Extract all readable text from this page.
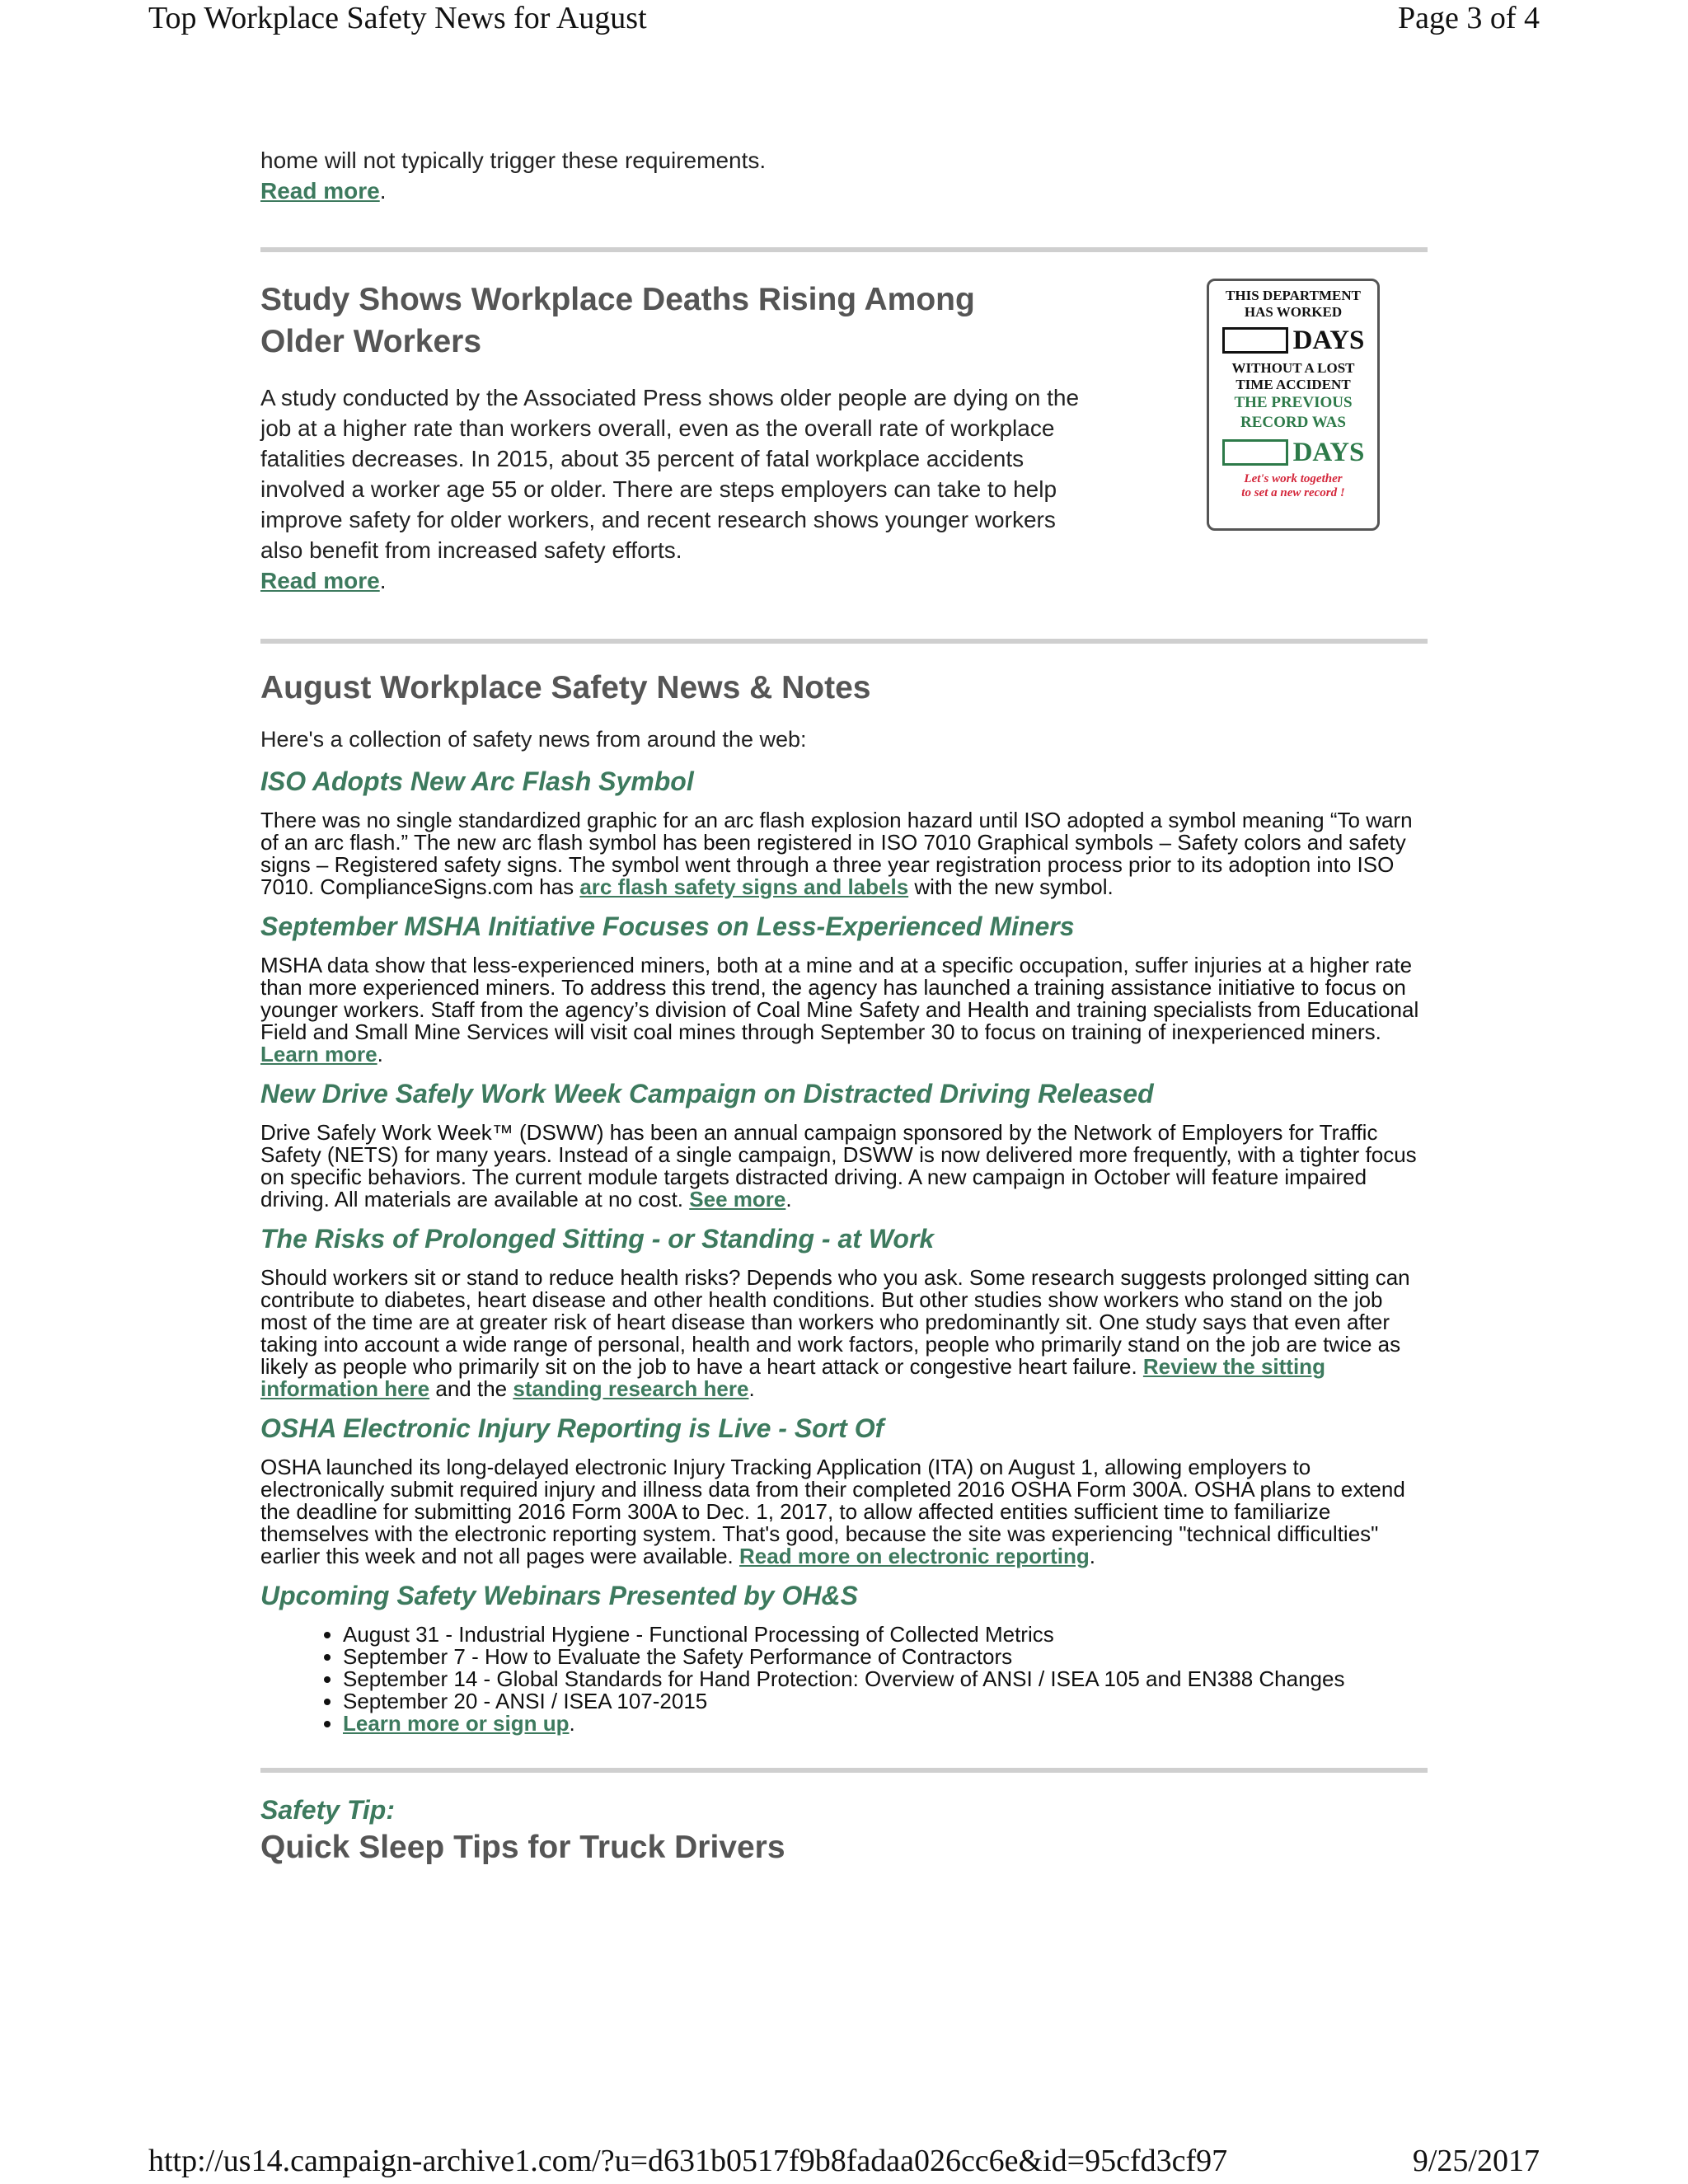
Top Workplace Safety News for August	Page 3 of 4

home will not typically trigger these requirements.
Read more.

Study Shows Workplace Deaths Rising Among
Older Workers

A study conducted by the Associated Press shows older people are dying on the job at a higher rate than workers overall, even as the overall rate of workplace fatalities decreases. In 2015, about 35 percent of fatal workplace accidents involved a worker age 55 or older. There are steps employers can take to help improve safety for older workers, and recent research shows younger workers also benefit from increased safety efforts.
Read more.

THIS DEPARTMENT
HAS WORKED
DAYS
WITHOUT A LOST
TIME ACCIDENT
THE PREVIOUS
RECORD WAS
DAYS
Let's work together
to set a new record !
August Workplace Safety News & Notes

Here's a collection of safety news from around the web:

ISO Adopts New Arc Flash Symbol

There was no single standardized graphic for an arc flash explosion hazard until ISO adopted a symbol meaning “To warn of an arc flash.” The new arc flash symbol has been registered in ISO 7010 Graphical symbols – Safety colors and safety signs – Registered safety signs. The symbol went through a three year registration process prior to its adoption into ISO 7010. ComplianceSigns.com has arc flash safety signs and labels with the new symbol.

September MSHA Initiative Focuses on Less-Experienced Miners

MSHA data show that less-experienced miners, both at a mine and at a specific occupation, suffer injuries at a higher rate than more experienced miners. To address this trend, the agency has launched a training assistance initiative to focus on younger workers. Staff from the agency’s division of Coal Mine Safety and Health and training specialists from Educational Field and Small Mine Services will visit coal mines through September 30 to focus on training of inexperienced miners. Learn more.

New Drive Safely Work Week Campaign on Distracted Driving Released

Drive Safely Work Week™ (DSWW) has been an annual campaign sponsored by the Network of Employers for Traffic Safety (NETS) for many years. Instead of a single campaign, DSWW is now delivered more frequently, with a tighter focus on specific behaviors. The current module targets distracted driving. A new campaign in October will feature impaired driving. All materials are available at no cost. See more.

The Risks of Prolonged Sitting - or Standing - at Work

Should workers sit or stand to reduce health risks? Depends who you ask. Some research suggests prolonged sitting can contribute to diabetes, heart disease and other health conditions. But other studies show workers who stand on the job most of the time are at greater risk of heart disease than workers who predominantly sit. One study says that even after taking into account a wide range of personal, health and work factors, people who primarily stand on the job are twice as likely as people who primarily sit on the job to have a heart attack or congestive heart failure. Review the sitting information here and the standing research here.

OSHA Electronic Injury Reporting is Live - Sort Of

OSHA launched its long-delayed electronic Injury Tracking Application (ITA) on August 1, allowing employers to electronically submit required injury and illness data from their completed 2016 OSHA Form 300A. OSHA plans to extend the deadline for submitting 2016 Form 300A to Dec. 1, 2017, to allow affected entities sufficient time to familiarize themselves with the electronic reporting system. That's good, because the site was experiencing "technical difficulties" earlier this week and not all pages were available. Read more on electronic reporting.

Upcoming Safety Webinars Presented by OH&S
• August 31 - Industrial Hygiene - Functional Processing of Collected Metrics
• September 7 - How to Evaluate the Safety Performance of Contractors
• September 14 - Global Standards for Hand Protection: Overview of ANSI / ISEA 105 and EN388 Changes
• September 20 - ANSI / ISEA 107-2015
• Learn more or sign up.
Safety Tip:
Quick Sleep Tips for Truck Drivers
http://us14.campaign-archive1.com/?u=d631b0517f9b8fadaa026cc6e&id=95cfd3cf97	9/25/2017
